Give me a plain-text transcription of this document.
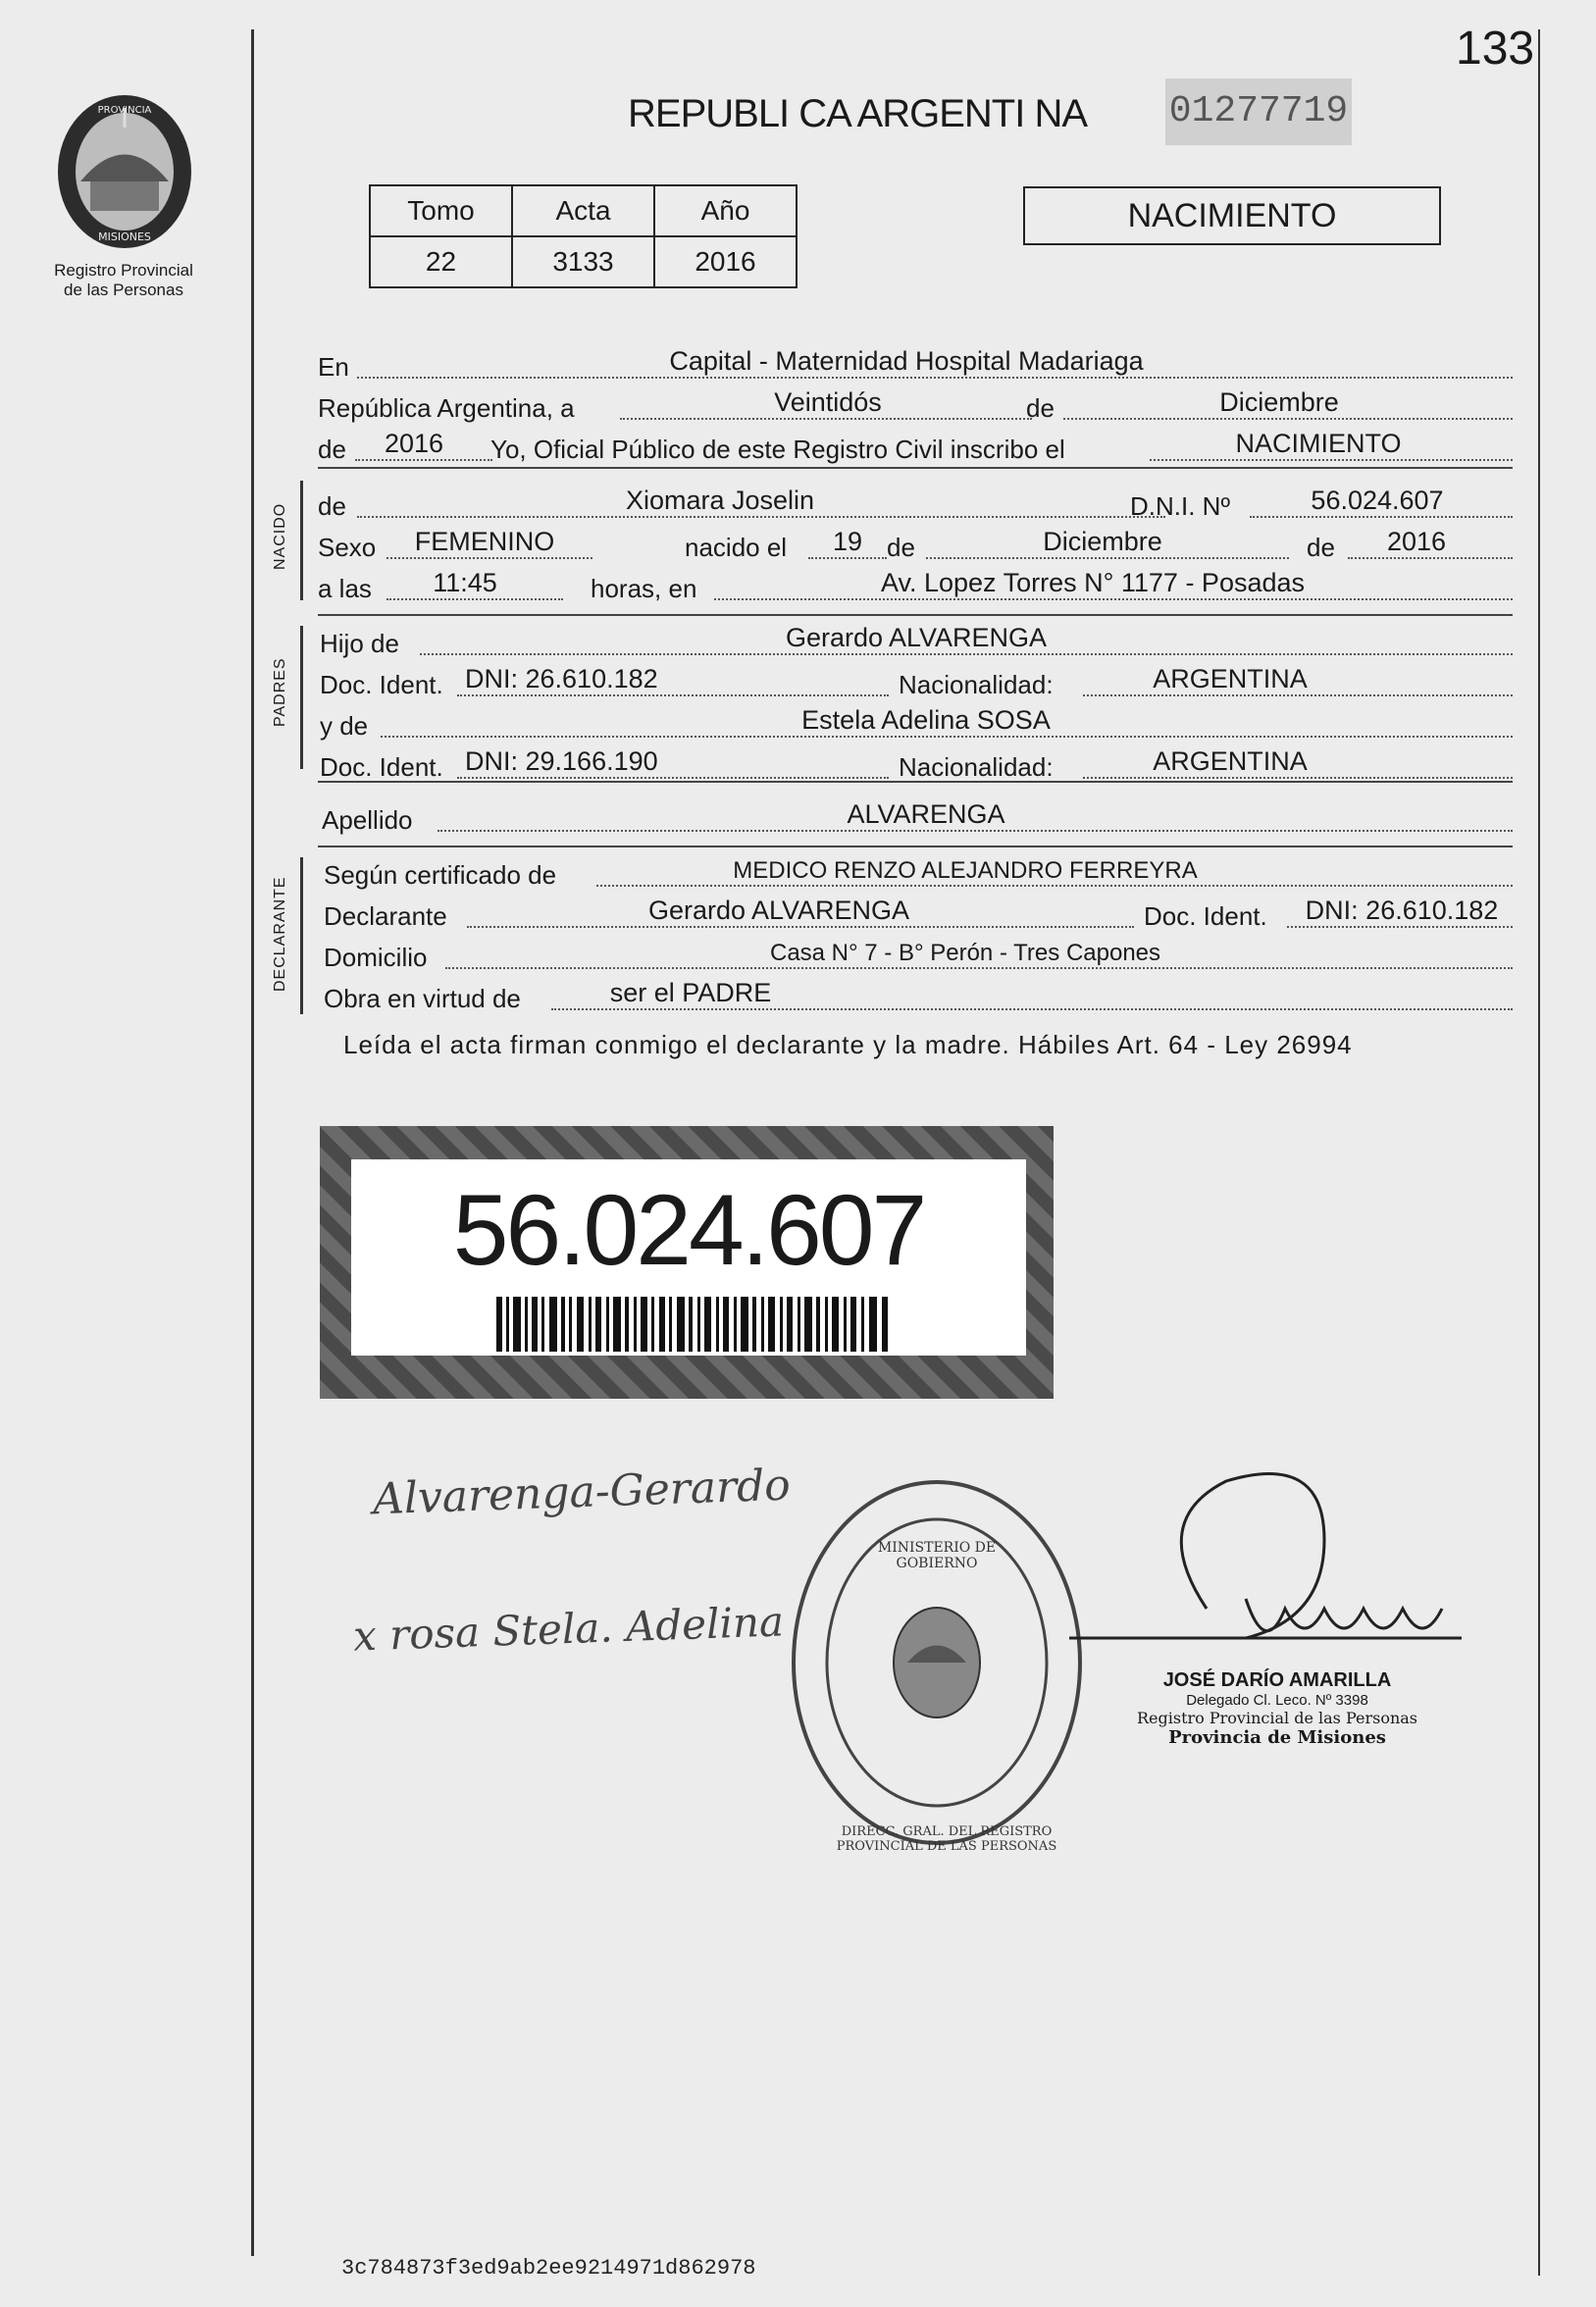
133
PROVINCIA
MISIONES
Registro Provincial
de las Personas
REPUBLI CA ARGENTI NA 01277719
Tomo	Acta	Año
22	3133	2016
NACIMIENTO
En	Capital - Maternidad Hospital Madariaga
República Argentina, a	Veintidós	de	Diciembre
de	2016	Yo, Oficial Público de este Registro Civil inscribo el	NACIMIENTO
NACIDO de	Xiomara Joselin	D.N.I. Nº	56.024.607
Sexo	FEMENINO	nacido el	19 de	Diciembre	de	2016
a las	11:45	horas, en	Av. Lopez Torres N° 1177 - Posadas
PADRES
Hijo de	Gerardo ALVARENGA
Doc. Ident. DNI: 26.610.182	Nacionalidad:	ARGENTINA
y de	Estela Adelina SOSA
Doc. Ident. DNI: 29.166.190	Nacionalidad:	ARGENTINA
Apellido	ALVARENGA
DECLARANTE
Según certificado de	MEDICO RENZO ALEJANDRO FERREYRA
Declarante	Gerardo ALVARENGA	Doc. Ident.	DNI: 26.610.182
Domicilio	Casa N° 7 - B° Perón - Tres Capones
Obra en virtud de	ser el PADRE
Leída el acta firman conmigo el declarante y la madre. Hábiles Art. 64 - Ley 26994
56.024.607
Alvarenga-Gerardo
x rosa Stela. Adelina
DIRECC. GRAL. DEL REGISTRO PROVINCIAL DE LAS PERSONAS
MINISTERIO DE GOBIERNO
JOSÉ DARÍO AMARILLA
Delegado Cl. Leco. Nº 3398
Registro Provincial de las Personas
Provincia de Misiones
3c784873f3ed9ab2ee9214971d862978
